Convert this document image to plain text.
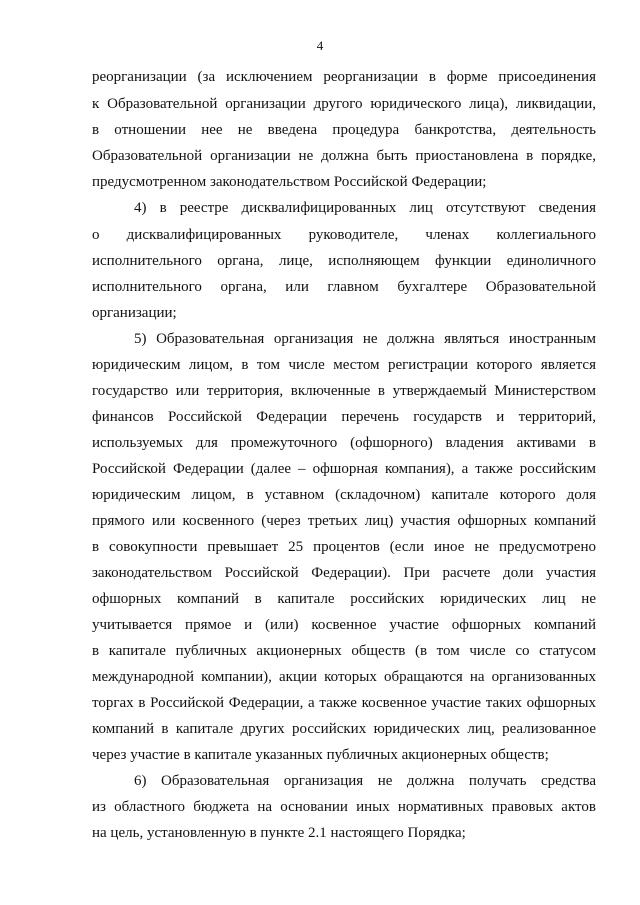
4
реорганизации (за исключением реорганизации в форме присоединения
к Образовательной организации другого юридического лица), ликвидации,
в отношении нее не введена процедура банкротства, деятельность
Образовательной организации не должна быть приостановлена в порядке,
предусмотренном законодательством Российской Федерации;
4) в реестре дисквалифицированных лиц отсутствуют сведения
о дисквалифицированных руководителе, членах коллегиального
исполнительного органа, лице, исполняющем функции единоличного
исполнительного органа, или главном бухгалтере Образовательной
организации;
5) Образовательная организация не должна являться иностранным
юридическим лицом, в том числе местом регистрации которого является
государство или территория, включенные в утверждаемый Министерством
финансов Российской Федерации перечень государств и территорий,
используемых для промежуточного (офшорного) владения активами в
Российской Федерации (далее – офшорная компания), а также российским
юридическим лицом, в уставном (складочном) капитале которого доля
прямого или косвенного (через третьих лиц) участия офшорных компаний
в совокупности превышает 25 процентов (если иное не предусмотрено
законодательством Российской Федерации). При расчете доли участия
офшорных компаний в капитале российских юридических лиц не
учитывается прямое и (или) косвенное участие офшорных компаний
в капитале публичных акционерных обществ (в том числе со статусом
международной компании), акции которых обращаются на организованных
торгах в Российской Федерации, а также косвенное участие таких офшорных
компаний в капитале других российских юридических лиц, реализованное
через участие в капитале указанных публичных акционерных обществ;
6) Образовательная организация не должна получать средства
из областного бюджета на основании иных нормативных правовых актов
на цель, установленную в пункте 2.1 настоящего Порядка;
